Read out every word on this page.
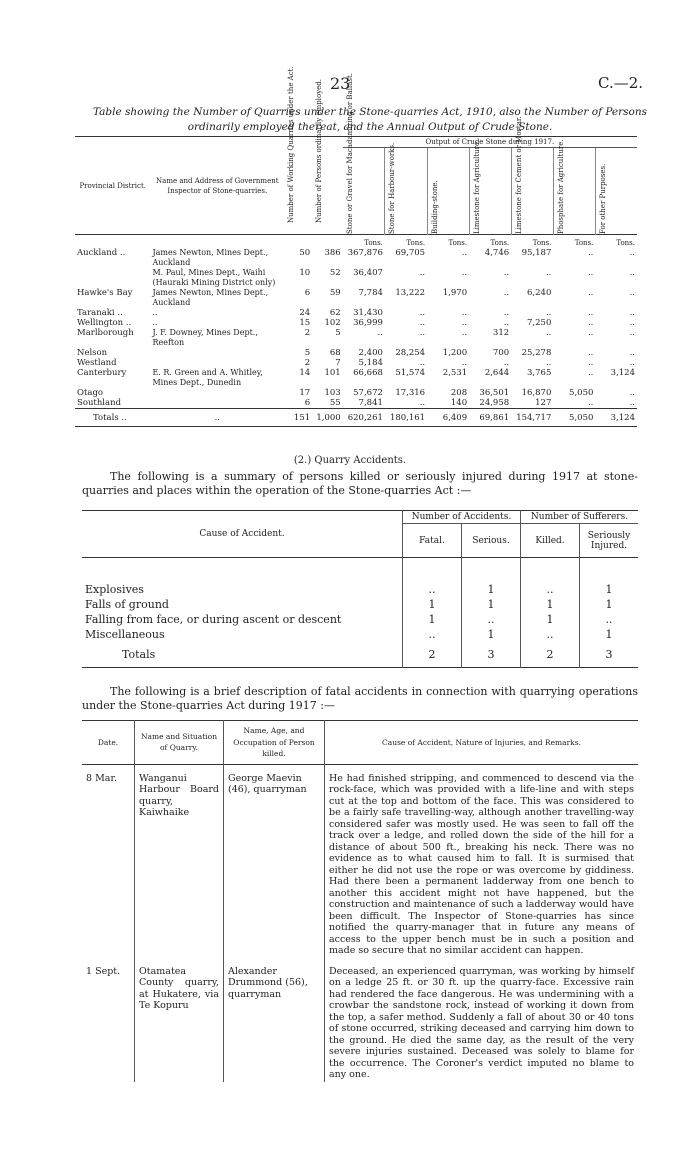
23	C.—2.
Table showing the Number of Quarries under the Stone-quarries Act, 1910, also the Number of Persons ordinarily employed thereat, and the Annual Output of Crude Stone.
Provincial District.	Name and Address of Government Inspector of Stone-quarries.	Number of Working Quarries under the Act.	Number of Persons ordinarily employed.	Output of Crude Stone during 1917.						

				Stone or Gravel for Macadamizing or Ballast.	Stone for Harbour-works.	Building-stone.	Limestone for Agriculture.	Limestone for Cement or Mortar.	Phosphate for Agriculture.	For other Purposes.

				Tons.	Tons.	Tons.	Tons.	Tons.	Tons.	Tons.
Auckland ..	James Newton, Mines Dept., Auckland	50	386	367,876	69,705	..	4,746	95,187	..	..
	M. Paul, Mines Dept., Waihi (Hauraki Mining District only)	10	52	36,407	..	..	..	..	..	..
Hawke's Bay	James Newton, Mines Dept., Auckland	6	59	7,784	13,222	1,970	..	6,240	..	..
Taranaki ..	..	24	62	31,430	..	..	..	..	..	..
Wellington ..	..	15	102	36,999	..	..	..	7,250	..	..
Marlborough	J. F. Downey, Mines Dept., Reefton	2	5	..	..	..	312	..	..	..
Nelson		5	68	2,400	28,254	1,200	700	25,278	..	..
Westland		2	7	5,184	..	..	..	..	..	..
Canterbury	E. R. Green and A. Whitley, Mines Dept., Dunedin	14	101	66,668	51,574	2,531	2,644	3,765	..	3,124
Otago		17	103	57,672	17,316	208	36,501	16,870	5,050	..
Southland		6	55	7,841	..	140	24,958	127	..	..
Totals ..	..	151	1,000	620,261	180,161	6,409	69,861	154,717	5,050	3,124
(2.) Quarry Accidents.
The following is a summary of persons killed or seriously injured during 1917 at stone-quarries and places within the operation of the Stone-quarries Act :—
Cause of Accident.	Number of Accidents.		Number of Sufferers.	
	Fatal.	Serious.	Killed.	Seriously Injured.

Explosives	..	1	..	1
Falls of ground	1	1	1	1
Falling from face, or during ascent or descent	1	..	1	..
Miscellaneous	..	1	..	1
Totals	2	3	2	3
The following is a brief description of fatal accidents in connection with quarrying operations under the Stone-quarries Act during 1917 :—
Date.	Name and Situation of Quarry.	Name, Age, and Occupation of Person killed.	Cause of Accident, Nature of Injuries, and Remarks.
8 Mar.	Wanganui Harbour Board quarry, Kaiwhaike	George Maevin (46), quarryman	He had finished stripping, and commenced to descend via the rock-face, which was provided with a life-line and with steps cut at the top and bottom of the face. This was considered to be a fairly safe travelling-way, although another travelling-way considered safer was mostly used. He was seen to fall off the track over a ledge, and rolled down the side of the hill for a distance of about 500 ft., breaking his neck. There was no evidence as to what caused him to fall. It is surmised that either he did not use the rope or was overcome by giddiness. Had there been a permanent ladderway from one bench to another this accident might not have happened, but the construction and maintenance of such a ladderway would have been difficult. The Inspector of Stone-quarries has since notified the quarry-manager that in future any means of access to the upper bench must be in such a position and made so secure that no similar accident can happen.
1 Sept.	Otamatea County quarry, at Hukatere, via Te Kopuru	Alexander Drummond (56), quarryman	Deceased, an experienced quarryman, was working by himself on a ledge 25 ft. or 30 ft. up the quarry-face. Excessive rain had rendered the face dangerous. He was undermining with a crowbar the sandstone rock, instead of working it down from the top, a safer method. Suddenly a fall of about 30 or 40 tons of stone occurred, striking deceased and carrying him down to the ground. He died the same day, as the result of the very severe injuries sustained. Deceased was solely to blame for the occurrence. The Coroner's verdict imputed no blame to any one.
